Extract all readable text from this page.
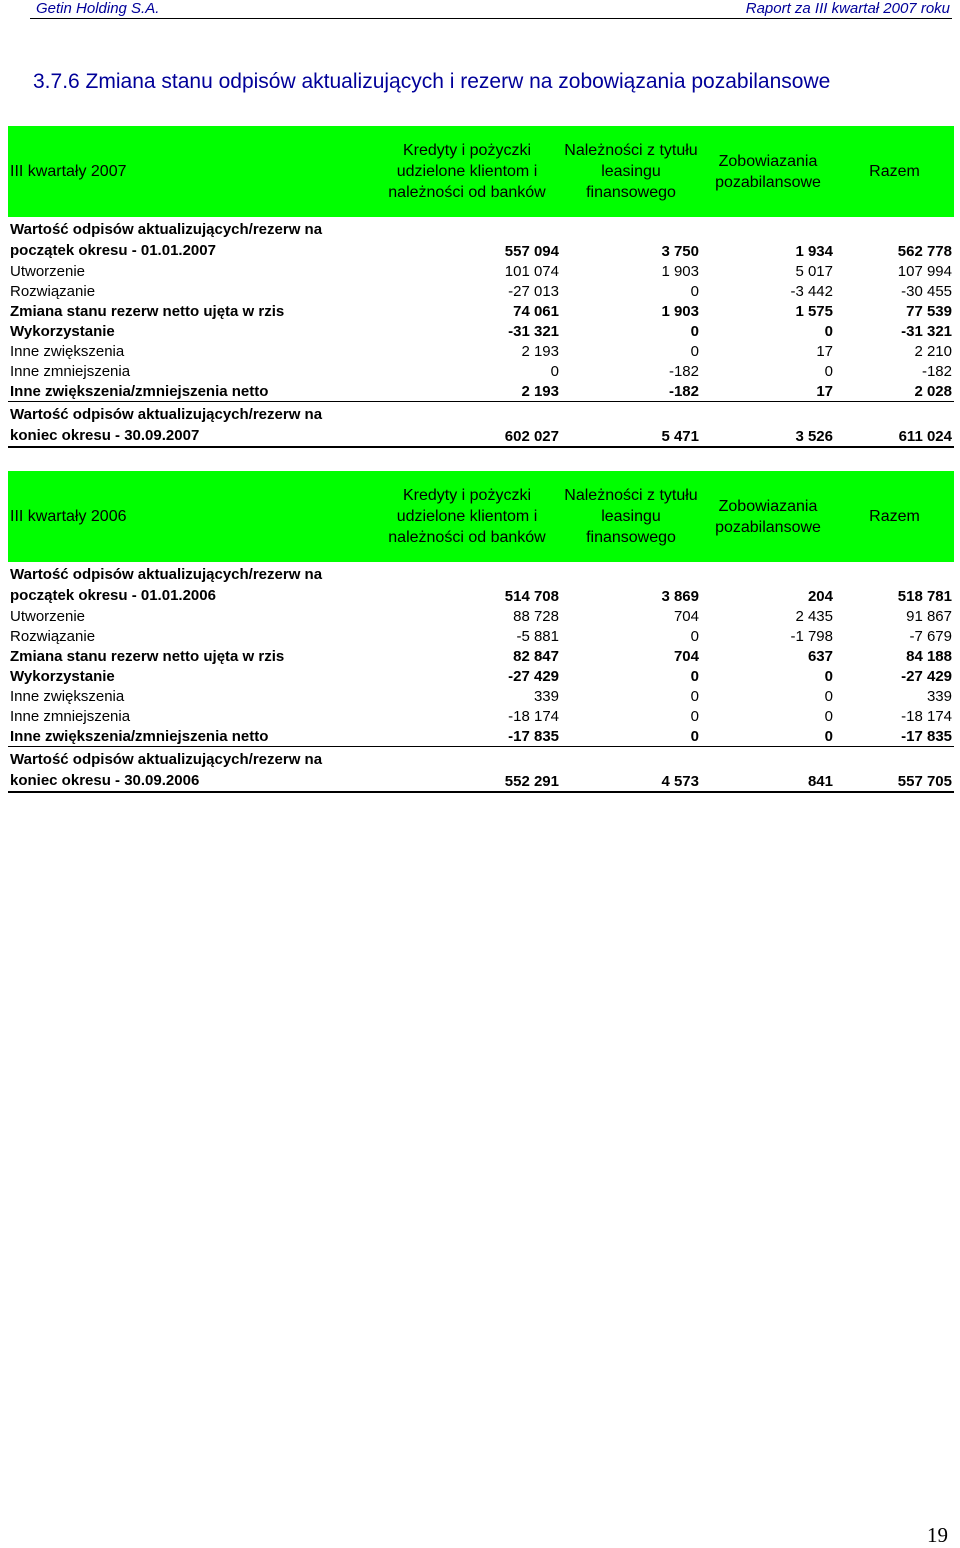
Getin Holding S.A.	Raport za III kwartał 2007 roku
3.7.6 Zmiana stanu odpisów aktualizujących i rezerw na zobowiązania pozabilansowe
III kwartały 2007	Kredyty i pożyczki udzielone klientom i należności od banków	Należności z tytułu leasingu finansowego	Zobowiazania pozabilansowe	Razem
Wartość odpisów aktualizujących/rezerw na początek okresu - 01.01.2007	557 094	3 750	1 934	562 778
Utworzenie	101 074	1 903	5 017	107 994
Rozwiązanie	-27 013	0	-3 442	-30 455
Zmiana stanu rezerw netto ujęta w rzis	74 061	1 903	1 575	77 539
Wykorzystanie	-31 321	0	0	-31 321
Inne zwiększenia	2 193	0	17	2 210
Inne zmniejszenia	0	-182	0	-182
Inne zwiększenia/zmniejszenia netto	2 193	-182	17	2 028
Wartość odpisów aktualizujących/rezerw na koniec okresu - 30.09.2007	602 027	5 471	3 526	611 024
III kwartały 2006	Kredyty i pożyczki udzielone klientom i należności od banków	Należności z tytułu leasingu finansowego	Zobowiazania pozabilansowe	Razem
Wartość odpisów aktualizujących/rezerw na początek okresu - 01.01.2006	514 708	3 869	204	518 781
Utworzenie	88 728	704	2 435	91 867
Rozwiązanie	-5 881	0	-1 798	-7 679
Zmiana stanu rezerw netto ujęta w rzis	82 847	704	637	84 188
Wykorzystanie	-27 429	0	0	-27 429
Inne zwiększenia	339	0	0	339
Inne zmniejszenia	-18 174	0	0	-18 174
Inne zwiększenia/zmniejszenia netto	-17 835	0	0	-17 835
Wartość odpisów aktualizujących/rezerw na koniec okresu - 30.09.2006	552 291	4 573	841	557 705
19
